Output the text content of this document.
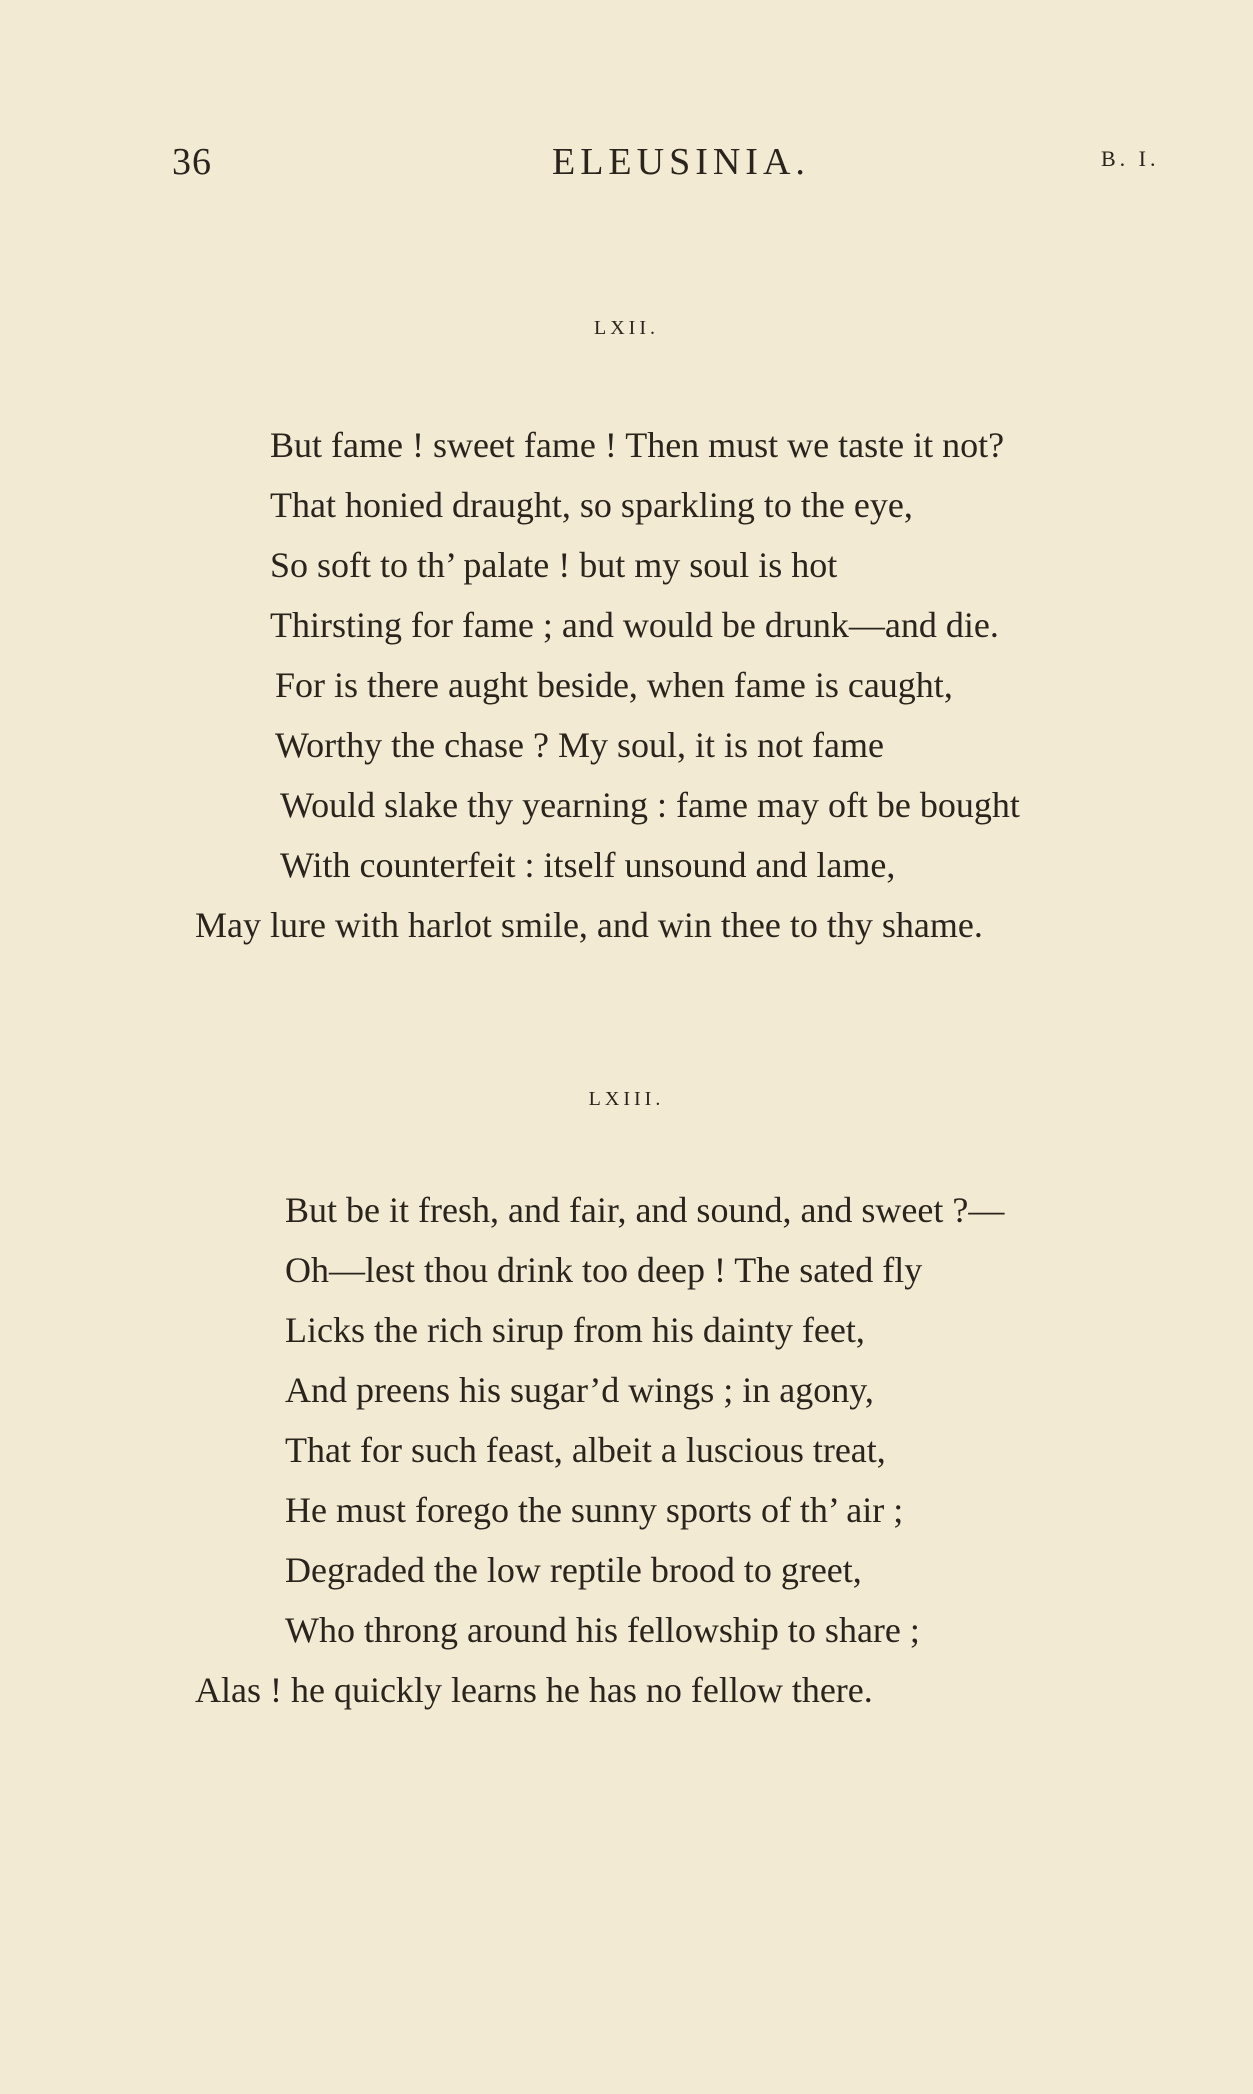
36	ELEUSINIA.	B. I.
LXII.
But fame ! sweet fame ! Then must we taste it not?
That honied draught, so sparkling to the eye,
So soft to th’ palate ! but my soul is hot
Thirsting for fame ; and would be drunk—and die.
For is there aught beside, when fame is caught,
Worthy the chase ? My soul, it is not fame
Would slake thy yearning : fame may oft be bought
With counterfeit : itself unsound and lame,
May lure with harlot smile, and win thee to thy shame.
LXIII.
But be it fresh, and fair, and sound, and sweet ?—
Oh—lest thou drink too deep ! The sated fly
Licks the rich sirup from his dainty feet,
And preens his sugar’d wings ; in agony,
That for such feast, albeit a luscious treat,
He must forego the sunny sports of th’ air ;
Degraded the low reptile brood to greet,
Who throng around his fellowship to share ;
Alas ! he quickly learns he has no fellow there.
